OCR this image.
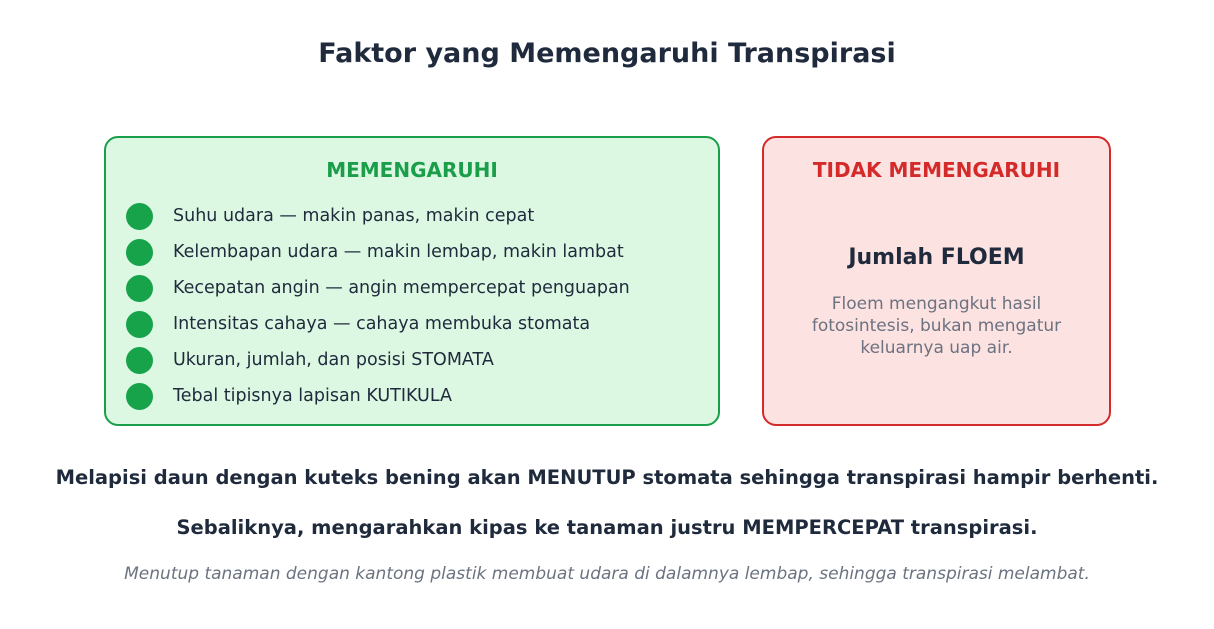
Faktor yang Memengaruhi Transpirasi
MEMENGARUHI
Suhu udara — makin panas, makin cepat
Kelembapan udara — makin lembap, makin lambat
Kecepatan angin — angin mempercepat penguapan
Intensitas cahaya — cahaya membuka stomata
Ukuran, jumlah, dan posisi STOMATA
Tebal tipisnya lapisan KUTIKULA
TIDAK MEMENGARUHI
Jumlah FLOEM
Floem mengangkut hasil
fotosintesis, bukan mengatur
keluarnya uap air.
Melapisi daun dengan kuteks bening akan MENUTUP stomata sehingga transpirasi hampir berhenti.
Sebaliknya, mengarahkan kipas ke tanaman justru MEMPERCEPAT transpirasi.
Menutup tanaman dengan kantong plastik membuat udara di dalamnya lembap, sehingga transpirasi melambat.
